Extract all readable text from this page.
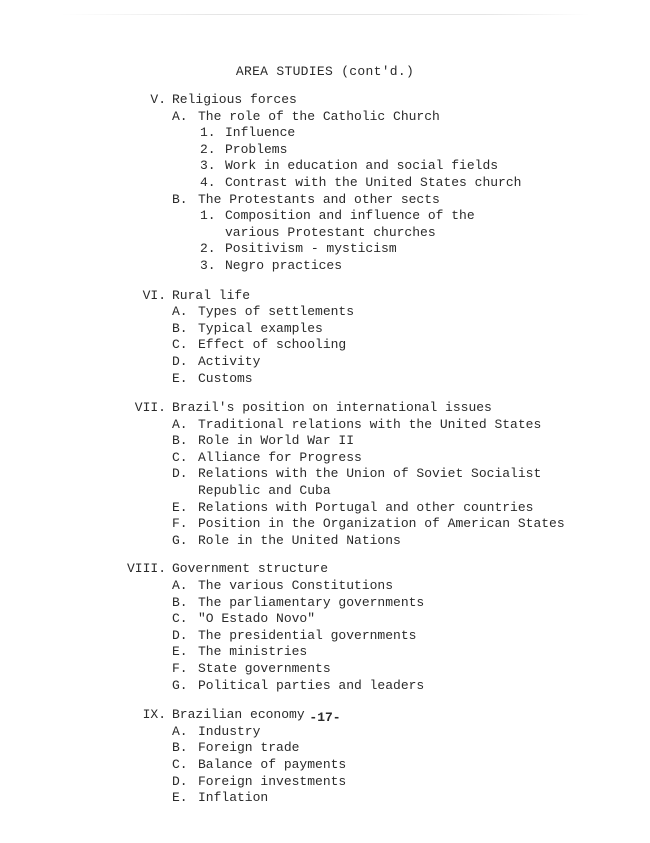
AREA STUDIES (cont'd.)
V. Religious forces
A. The role of the Catholic Church
1. Influence
2. Problems
3. Work in education and social fields
4. Contrast with the United States church
B. The Protestants and other sects
1. Composition and influence of the various Protestant churches
2. Positivism - mysticism
3. Negro practices
VI. Rural life
A. Types of settlements
B. Typical examples
C. Effect of schooling
D. Activity
E. Customs
VII. Brazil's position on international issues
A. Traditional relations with the United States
B. Role in World War II
C. Alliance for Progress
D. Relations with the Union of Soviet Socialist Republic and Cuba
E. Relations with Portugal and other countries
F. Position in the Organization of American States
G. Role in the United Nations
VIII. Government structure
A. The various Constitutions
B. The parliamentary governments
C. "O Estado Novo"
D. The presidential governments
E. The ministries
F. State governments
G. Political parties and leaders
IX. Brazilian economy
A. Industry
B. Foreign trade
C. Balance of payments
D. Foreign investments
E. Inflation
-17-
